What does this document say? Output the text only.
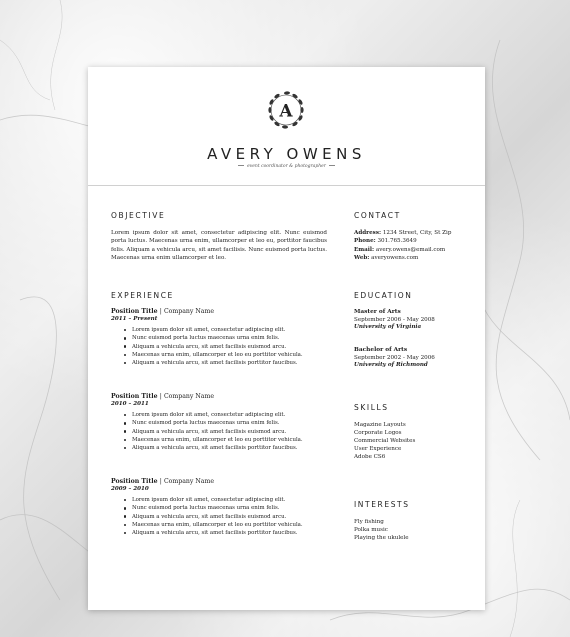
A
AVERY OWENS
event coordinator & photographer
OBJECTIVE
Lorem ipsum dolor sit amet, consectetur adipiscing elit. Nunc euismod porta luctus. Maecenas urna enim, ullamcorper et leo eu, porttitor faucibus felis. Aliquam a vehicula arcu, sit amet facilisis. Nunc euismod porta luctus. Maecenas urna enim ullamcorper et leo.
EXPERIENCE
Position Title | Company Name
2011 – Present
Lorem ipsum dolor sit amet, consectetur adipiscing elit.
Nunc euismod porta luctus maecenas urna enim felis.
Aliquam a vehicula arcu, sit amet facilisis euismod arcu.
Maecenas urna enim, ullamcorper et leo eu porttitor vehicula.
Aliquam a vehicula arcu, sit amet facilisis porttitor faucibus.
Position Title | Company Name
2010 – 2011
Lorem ipsum dolor sit amet, consectetur adipiscing elit.
Nunc euismod porta luctus maecenas urna enim felis.
Aliquam a vehicula arcu, sit amet facilisis euismod arcu.
Maecenas urna enim, ullamcorper et leo eu porttitor vehicula.
Aliquam a vehicula arcu, sit amet facilisis porttitor faucibus.
Position Title | Company Name
2009 – 2010
Lorem ipsum dolor sit amet, consectetur adipiscing elit.
Nunc euismod porta luctus maecenas urna enim felis.
Aliquam a vehicula arcu, sit amet facilisis euismod arcu.
Maecenas urna enim, ullamcorper et leo eu porttitor vehicula.
Aliquam a vehicula arcu, sit amet facilisis porttitor faucibus.
CONTACT
Address: 1234 Street, City, St Zip
Phone: 301.765.3649
Email: avery.owens@email.com
Web: averyowens.com
EDUCATION
Master of Arts
September 2006 - May 2008
University of Virginia
Bachelor of Arts
September 2002 - May 2006
University of Richmond
SKILLS
Magazine Layouts
Corporate Logos
Commercial Websites
User Experience
Adobe CS6
INTERESTS
Fly fishing
Polka music
Playing the ukulele
